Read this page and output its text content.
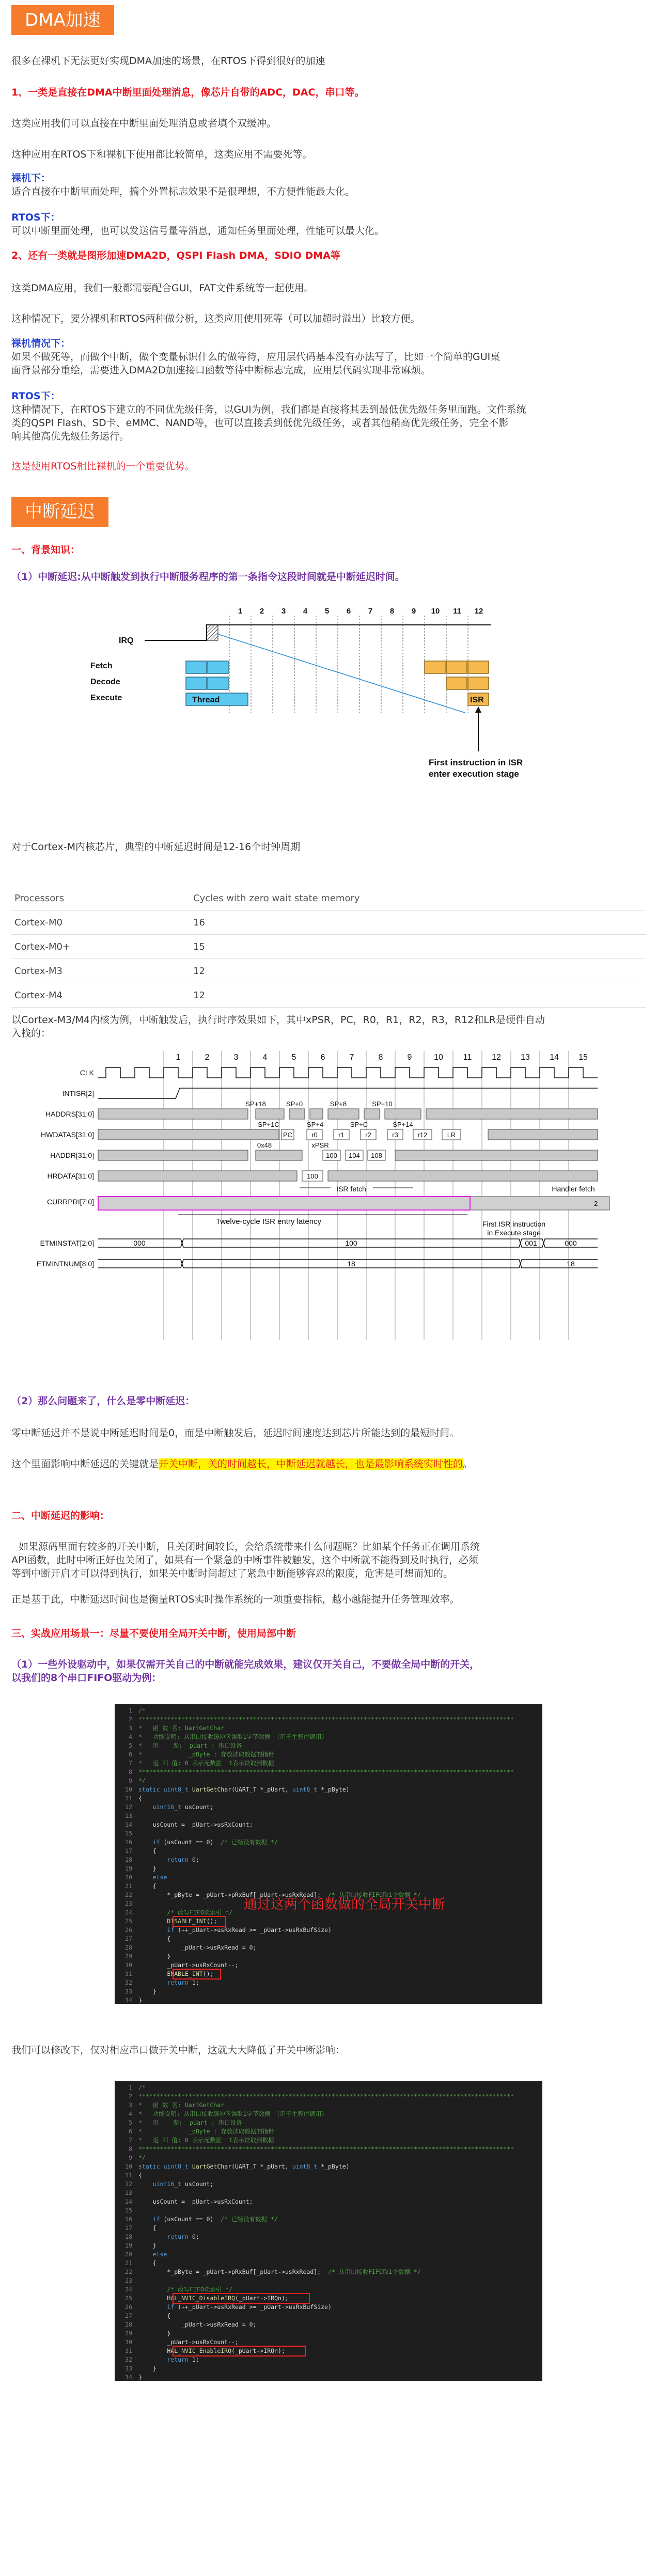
DMA加速
很多在裸机下无法更好实现DMA加速的场景，在RTOS下得到很好的加速
1、一类是直接在DMA中断里面处理消息，像芯片自带的ADC，DAC，串口等。
这类应用我们可以直接在中断里面处理消息或者填个双缓冲。
这种应用在RTOS下和裸机下使用都比较简单，这类应用不需要死等。
裸机下：
适合直接在中断里面处理，搞个外置标志效果不是很理想，不方便性能最大化。
RTOS下：
可以中断里面处理，也可以发送信号量等消息，通知任务里面处理，性能可以最大化。
2、还有一类就是图形加速DMA2D，QSPI Flash DMA，SDIO DMA等
这类DMA应用，我们一般都需要配合GUI，FAT文件系统等一起使用。
这种情况下，要分裸机和RTOS两种做分析，这类应用使用死等（可以加超时溢出）比较方便。
裸机情况下：
如果不做死等，而做个中断，做个变量标识什么的做等待，应用层代码基本没有办法写了，比如一个简单的GUI桌
面背景部分重绘，需要进入DMA2D加速接口函数等待中断标志完成，应用层代码实现非常麻烦。
RTOS下：
这种情况下，在RTOS下建立的不同优先级任务，以GUI为例，我们都是直接将其丢到最低优先级任务里面跑。文件系统
类的QSPI Flash、SD卡、eMMC、NAND等，也可以直接丢到低优先级任务，或者其他稍高优先级任务，完全不影
响其他高优先级任务运行。
这是使用RTOS相比裸机的一个重要优势。
中断延迟
一、背景知识：
（1）中断延迟:从中断触发到执行中断服务程序的第一条指令这段时间就是中断延迟时间。
1 2 3 4 5 6 7 8 9 10 11 12
IRQ
Fetch
Decode
Execute	Thread	ISR
First instruction in ISR
enter execution stage
对于Cortex-M内核芯片，典型的中断延迟时间是12-16个时钟周期
Processors	Cycles with zero wait state memory
Cortex-M0	16
Cortex-M0+	15
Cortex-M3	12
Cortex-M4	12
以Cortex-M3/M4内核为例，中断触发后，执行时序效果如下，其中xPSR，PC，R0，R1，R2，R3，R12和LR是硬件自动
入栈的：
1	2	3	4	5	6	7	8	9	10 11 12 13 14 15
CLK
INTISR[2]
HADDRS[31:0]
HWDATAS[31:0]
HADDR[31:0]
HRDATA[31:0]
CURRPRI[7:0]
ETMINSTAT[2:0]
ETMINTNUM[8:0]
SP+18	SP+0	SP+8	SP+10
SP+1C	SP+4	SP+C	SP+14
PC	r0	r1	r2	r3	r12	LR
xPSR
0x48
100 104 108
100
ISR fetch	Handler fetch
2
Twelve-cycle ISR entry latency	First ISR instruction
in Execute stage
000	100	001	000
18	18
（2）那么问题来了，什么是零中断延迟：
零中断延迟并不是说中断延迟时间是0，而是中断触发后，延迟时间速度达到芯片所能达到的最短时间。
这个里面影响中断延迟的关键就是开关中断，关的时间越长，中断延迟就越长，也是最影响系统实时性的。
二、中断延迟的影响：
如果源码里面有较多的开关中断，且关闭时间较长，会给系统带来什么问题呢？比如某个任务正在调用系统
API函数，此时中断正好也关闭了，如果有一个紧急的中断事件被触发，这个中断就不能得到及时执行，必须
等到中断开启才可以得到执行，如果关中断时间超过了紧急中断能够容忍的限度，危害是可想而知的。
正是基于此，中断延迟时间也是衡量RTOS实时操作系统的一项重要指标，越小越能提升任务管理效率。
三、实战应用场景一：尽量不要使用全局开关中断，使用局部中断
（1）一些外设驱动中，如果仅需开关自己的中断就能完成效果，建议仅开关自己，不要做全局中断的开关，
以我们的8个串口FIFO驱动为例：
1 /*
2 *********************************************************************************************************
3 *   函 数 名: UartGetChar
4 *   功能说明: 从串口接收缓冲区读取1字节数据 （用于主程序调用）
5 *   形    参: _pUart : 串口设备
6 *             _pByte : 存放读取数据的指针
7 *   返 回 值: 0 表示无数据  1表示读取到数据
8 *********************************************************************************************************
9 */
10 static uint8_t UartGetChar(UART_T *_pUart, uint8_t *_pByte)
11 {
12	uint16_t usCount;
13
14 usCount = _pUart->usRxCount;
15
16	if (usCount == 0)  /* 已经没有数据 */
17 {
18	return 0;
19 }
20	else
21 {
22 *_pByte = _pUart->pRxBuf[_pUart->usRxRead];  /* 从串口接收FIFO取1个数据 */
23
24	/* 改写FIFO读索引 */
25	DISABLE_INT();
26	if (++_pUart->usRxRead >= _pUart->usRxBufSize)
27 {
28 _pUart->usRxRead = 0;
29 }
30 _pUart->usRxCount--;
31	ENABLE_INT();
32	return 1;
33 }
34 }
通过这两个函数做的全局开关中断
我们可以修改下，仅对相应串口做开关中断，这就大大降低了开关中断影响：
1 /*
2 *********************************************************************************************************
3 *   函 数 名: UartGetChar
4 *   功能说明: 从串口接收缓冲区读取1字节数据 （用于主程序调用）
5 *   形    参: _pUart : 串口设备
6 *             _pByte : 存放读取数据的指针
7 *   返 回 值: 0 表示无数据  1表示读取到数据
8 *********************************************************************************************************
9 */
10 static uint8_t UartGetChar(UART_T *_pUart, uint8_t *_pByte)
11 {
12	uint16_t usCount;
13
14 usCount = _pUart->usRxCount;
15
16	if (usCount == 0)  /* 已经没有数据 */
17 {
18	return 0;
19 }
20	else
21 {
22 *_pByte = _pUart->pRxBuf[_pUart->usRxRead];  /* 从串口接收FIFO取1个数据 */
23
24	/* 改写FIFO读索引 */
25	HAL_NVIC_DisableIRQ(_pUart->IRQn);
26	if (++_pUart->usRxRead >= _pUart->usRxBufSize)
27 {
28 _pUart->usRxRead = 0;
29 }
30 _pUart->usRxCount--;
31	HAL_NVIC_EnableIRQ(_pUart->IRQn);
32	return 1;
33 }
34 }
